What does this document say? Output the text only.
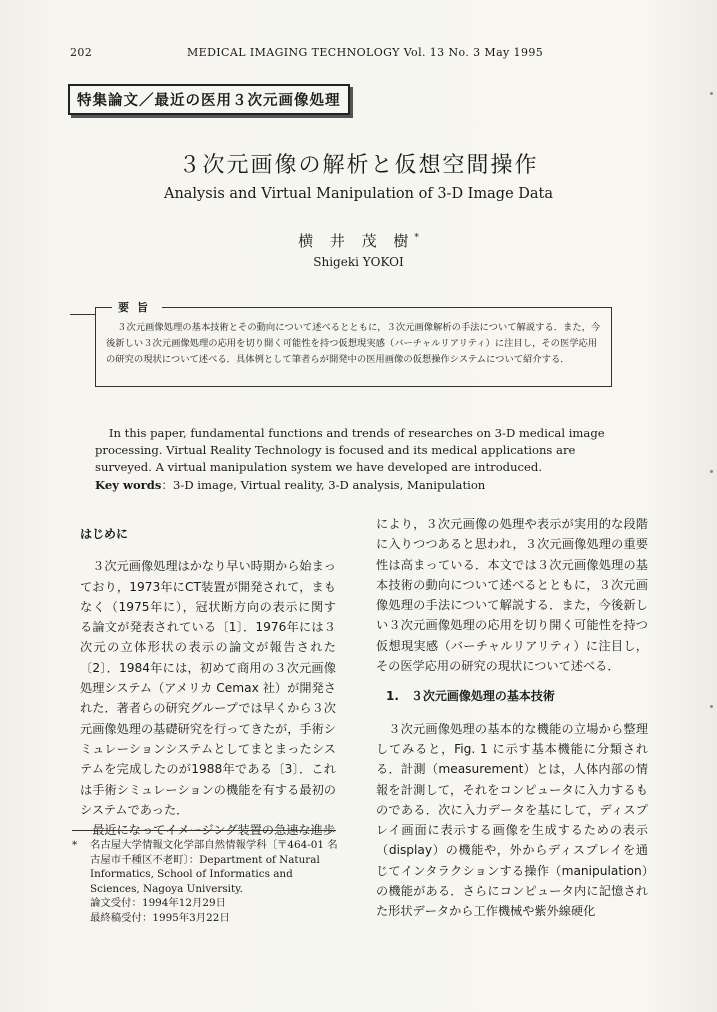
202	MEDICAL IMAGING TECHNOLOGY Vol. 13 No. 3 May 1995
特集論文／最近の医用３次元画像処理
３次元画像の解析と仮想空間操作
Analysis and Virtual Manipulation of 3-D Image Data
横 井 茂 樹*
Shigeki YOKOI
要旨
３次元画像処理の基本技術とその動向について述べるとともに，３次元画像解析の手法について解説する．また，今後新しい３次元画像処理の応用を切り開く可能性を持つ仮想現実感（バーチャルリアリティ）に注目し，その医学応用の研究の現状について述べる．具体例として筆者らが開発中の医用画像の仮想操作システムについて紹介する．
In this paper, fundamental functions and trends of researches on 3-D medical image processing. Virtual Reality Technology is focused and its medical applications are surveyed. A virtual manipulation system we have developed are introduced.
Key words：3-D image, Virtual reality, 3-D analysis, Manipulation
はじめに

３次元画像処理はかなり早い時期から始まっており，1973年にCT装置が開発されて，まもなく（1975年に），冠状断方向の表示に関する論文が発表されている〔1〕．1976年には３次元の立体形状の表示の論文が報告された〔2〕．1984年には，初めて商用の３次元画像処理システム（アメリカ Cemax 社）が開発された．著者らの研究グループでは早くから３次元画像処理の基礎研究を行ってきたが，手術シミュレーションシステムとしてまとまったシステムを完成したのが1988年である〔3〕．これは手術シミュレーションの機能を有する最初のシステムであった．

最近になってイメージング装置の急速な進歩

により，３次元画像の処理や表示が実用的な段階に入りつつあると思われ，３次元画像処理の重要性は高まっている．本文では３次元画像処理の基本技術の動向について述べるとともに，３次元画像処理の手法について解説する．また，今後新しい３次元画像処理の応用を切り開く可能性を持つ仮想現実感（バーチャルリアリティ）に注目し，その医学応用の研究の現状について述べる．

1.　３次元画像処理の基本技術

３次元画像処理の基本的な機能の立場から整理してみると，Fig. 1 に示す基本機能に分類される．計測（measurement）とは，人体内部の情報を計測して，それをコンピュータに入力するものである．次に入力データを基にして，ディスプレイ画面に表示する画像を生成するための表示（display）の機能や，外からディスプレイを通じてインタラクションする操作（manipulation）の機能がある．さらにコンピュータ内に記憶された形状データから工作機械や紫外線硬化

* 名古屋大学情報文化学部自然情報学科〔〒464-01 名古屋市千種区不老町〕：Department of Natural Informatics, School of Informatics and Sciences, Nagoya University.
論文受付：1994年12月29日
最終稿受付：1995年3月22日
